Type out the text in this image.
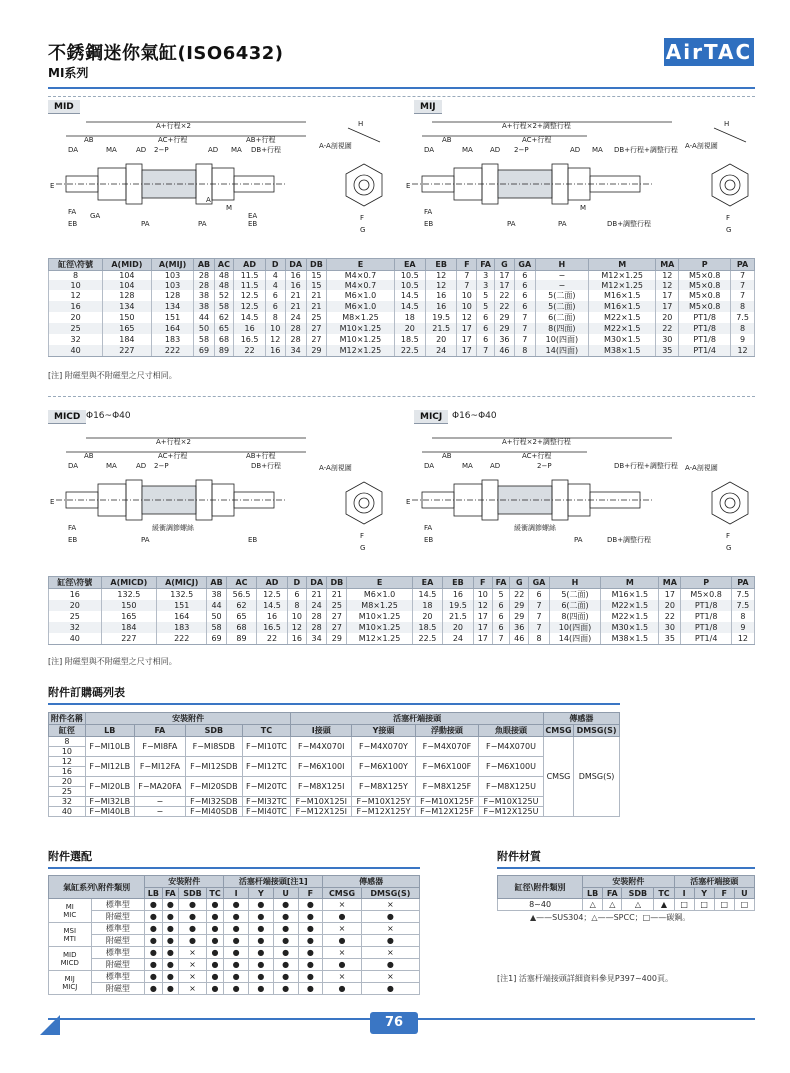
不銹鋼迷你氣缸(ISO6432)
MI系列
AirTAC
MID	MIJ
A+行程×2
AB	AC+行程	AB+行程
DA	MA	AD 2−P	AD MA DB+行程
E
A
M
FA GA
EB	PA	PA
EA
EB
A-A剖視圖
F
G
H	A+行程×2+調整行程
AB	AC+行程
DA	MA AD 2−P	AD MA DB+行程+調整行程
E
M
FA
EB	PA	PA	DB+調整行程
A-A剖視圖
F
G
H
缸徑\符號	A(MID)	A(MIJ)	AB	AC	AD	D	DA	DB	E	EA	EB	F	FA	G	GA	H	M	MA	P	PA
8	104	103	28	48	11.5	4	16	15	M4×0.7	10.5	12	7	3	17	6	−	M12×1.25	12	M5×0.8	7
10	104	103	28	48	11.5	4	16	15	M4×0.7	10.5	12	7	3	17	6	−	M12×1.25	12	M5×0.8	7
12	128	128	38	52	12.5	6	21	21	M6×1.0	14.5	16	10	5	22	6	5(二面)	M16×1.5	17	M5×0.8	7
16	134	134	38	58	12.5	6	21	21	M6×1.0	14.5	16	10	5	22	6	5(二面)	M16×1.5	17	M5×0.8	8
20	150	151	44	62	14.5	8	24	25	M8×1.25	18	19.5	12	6	29	7	6(二面)	M22×1.5	20	PT1/8	7.5
25	165	164	50	65	16	10	28	27	M10×1.25	20	21.5	17	6	29	7	8(四面)	M22×1.5	22	PT1/8	8
32	184	183	58	68	16.5	12	28	27	M10×1.25	18.5	20	17	6	36	7	10(四面)	M30×1.5	30	PT1/8	9
40	227	222	69	89	22	16	34	29	M12×1.25	22.5	24	17	7	46	8	14(四面)	M38×1.5	35	PT1/4	12
[注] 附磁型與不附磁型之尺寸相同。
MICD Φ16~Φ40	MICJ	Φ16~Φ40
A+行程×2
AB	AC+行程	AB+行程
DA	MA	AD 2−P	DB+行程
E
緩衝調節螺絲
FA
EB	PA	EB
A-A剖視圖
F
G
A+行程×2+調整行程
AB	AC+行程
DA	MA AD	2−P	DB+行程+調整行程
E
緩衝調節螺絲
FA
EB	PA	DB+調整行程
A-A剖視圖
F
G
缸徑\符號	A(MICD)	A(MICJ)	AB	AC	AD	D	DA	DB	E	EA	EB	F	FA	G	GA	H	M	MA	P	PA
16	132.5	132.5	38	56.5	12.5	6	21	21	M6×1.0	14.5	16	10	5	22	6	5(二面)	M16×1.5	17	M5×0.8	7.5
20	150	151	44	62	14.5	8	24	25	M8×1.25	18	19.5	12	6	29	7	6(二面)	M22×1.5	20	PT1/8	7.5
25	165	164	50	65	16	10	28	27	M10×1.25	20	21.5	17	6	29	7	8(四面)	M22×1.5	22	PT1/8	8
32	184	183	58	68	16.5	12	28	27	M10×1.25	18.5	20	17	6	36	7	10(四面)	M30×1.5	30	PT1/8	9
40	227	222	69	89	22	16	34	29	M12×1.25	22.5	24	17	7	46	8	14(四面)	M38×1.5	35	PT1/4	12
[注] 附磁型與不附磁型之尺寸相同。
附件訂購碼列表
附件名稱	安裝附件				活塞杆端接頭				傳感器	
缸徑	LB	FA	SDB	TC	I接頭	Y接頭	浮動接頭	魚眼接頭	CMSG	DMSG(S)
8	F−MI10LB	F−MI8FA	F−MI8SDB	F−MI10TC	F−M4X070I	F−M4X070Y	F−M4X070F	F−M4X070U	CMSG	DMSG(S)
10										
12	F−MI12LB	F−MI12FA	F−MI12SDB	F−MI12TC	F−M6X100I	F−M6X100Y	F−M6X100F	F−M6X100U		
16										
20	F−MI20LB	F−MA20FA	F−MI20SDB	F−MI20TC	F−M8X125I	F−M8X125Y	F−M8X125F	F−M8X125U		
25										
32	F−MI32LB	−	F−MI32SDB	F−MI32TC	F−M10X125I	F−M10X125Y	F−M10X125F	F−M10X125U		
40	F−MI40LB	−	F−MI40SDB	F−MI40TC	F−M12X125I	F−M12X125Y	F−M12X125F	F−M12X125U		
附件選配
氣缸系列\附件類別		安裝附件				活塞杆端接頭[注1]				傳感器	
		LB	FA	SDB	TC	I	Y	U	F	CMSG	DMSG(S)

MI
MIC	標準型	●	●	●	●	●	●	●	●	×	×
	附磁型	●	●	●	●	●	●	●	●	●	●

MSI
MTI	標準型	●	●	●	●	●	●	●	●	×	×
	附磁型	●	●	●	●	●	●	●	●	●	●

MID
MICD	標準型	●	●	×	●	●	●	●	●	×	×
	附磁型	●	●	×	●	●	●	●	●	●	●

MIJ
MICJ	標準型	●	●	×	●	●	●	●	●	×	×
	附磁型	●	●	×	●	●	●	●	●	●	●
附件材質
缸徑\附件類別	安裝附件				活塞杆端接頭			
	LB	FA	SDB	TC	I	Y	F	U
8~40	△	△	△	▲	□	□	□	□
▲——SUS304；△——SPCC；□——碳鋼。
[注1] 活塞杆端接頭詳細資料參見P397~400頁。
76
